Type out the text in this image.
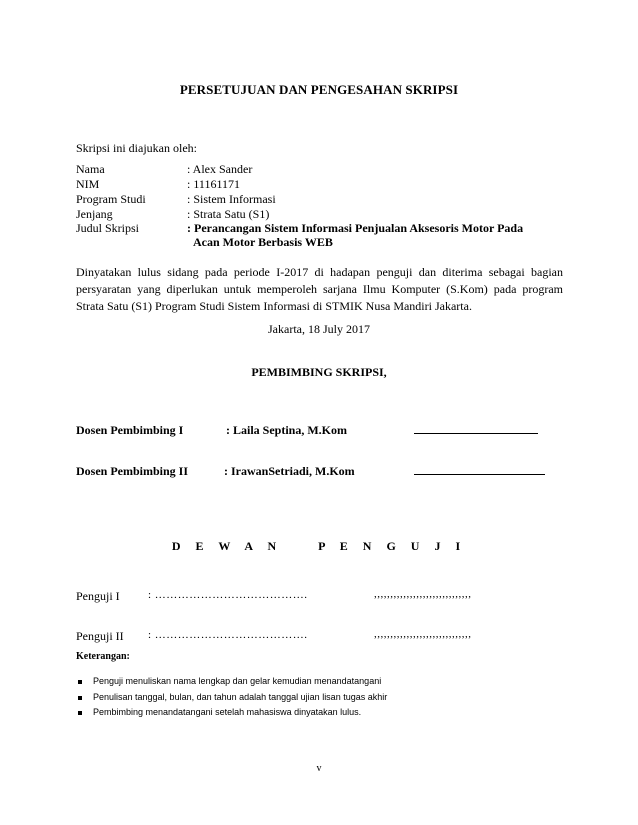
PERSETUJUAN DAN PENGESAHAN SKRIPSI
Skripsi ini diajukan oleh:
Nama	: Alex Sander
NIM	: 11161171
Program Studi	: Sistem Informasi
Jenjang	: Strata Satu (S1)
Judul Skripsi	: Perancangan Sistem Informasi Penjualan Aksesoris Motor Pada
Acan Motor Berbasis WEB
Dinyatakan lulus sidang pada periode I-2017 di hadapan penguji dan diterima sebagai bagian persyaratan yang diperlukan untuk memperoleh sarjana Ilmu Komputer (S.Kom) pada program Strata Satu (S1) Program Studi Sistem Informasi di STMIK Nusa Mandiri Jakarta.
Jakarta, 18 July 2017
PEMBIMBING SKRIPSI,
Dosen Pembimbing I	: Laila Septina, M.Kom
Dosen Pembimbing II	: IrawanSetriadi, M.Kom
D E W A N    P E N G U J I
Penguji I	: ………………………………….	,,,,,,,,,,,,,,,,,,,,,,,,,,,,,,
Penguji II : ………………………………….	,,,,,,,,,,,,,,,,,,,,,,,,,,,,,,
Keterangan:
Penguji menuliskan nama lengkap dan gelar kemudian menandatangani
Penulisan tanggal, bulan, dan tahun adalah tanggal ujian lisan tugas akhir
Pembimbing menandatangani setelah mahasiswa dinyatakan lulus.
v
